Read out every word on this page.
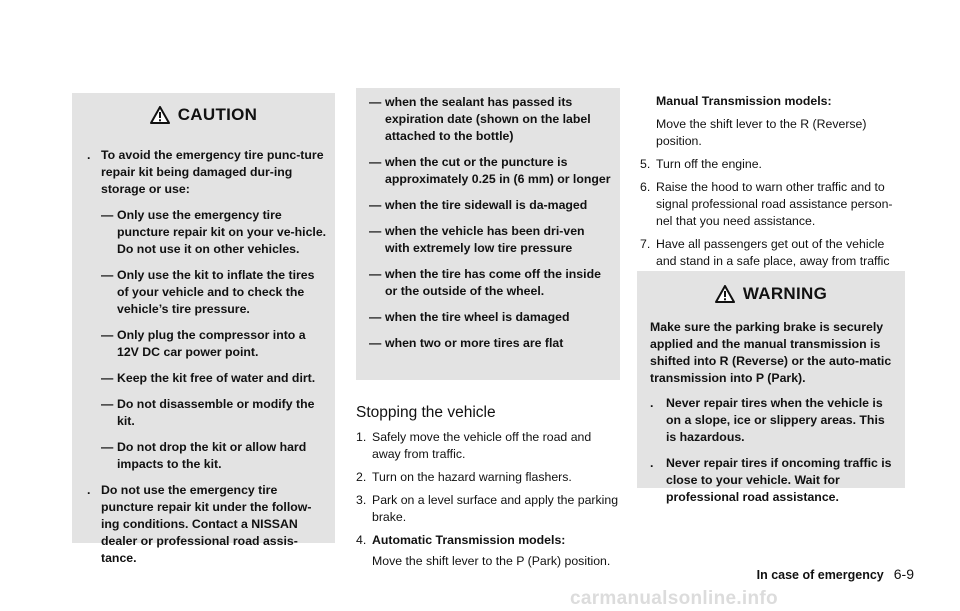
CAUTION
. To avoid the emergency tire punc-ture repair kit being damaged dur-ing storage or use:
— Only use the emergency tire puncture repair kit on your ve-hicle. Do not use it on other vehicles.
— Only use the kit to inflate the tires of your vehicle and to check the vehicle’s tire pressure.
— Only plug the compressor into a 12V DC car power point.
— Keep the kit free of water and dirt.
— Do not disassemble or modify the kit.
— Do not drop the kit or allow hard impacts to the kit.
. Do not use the emergency tire puncture repair kit under the follow-ing conditions. Contact a NISSAN dealer or professional road assis-tance.
— when the sealant has passed its expiration date (shown on the label attached to the bottle)
— when the cut or the puncture is approximately 0.25 in (6 mm) or longer
— when the tire sidewall is da-maged
— when the vehicle has been dri-ven with extremely low tire pressure
— when the tire has come off the inside or the outside of the wheel.
— when the tire wheel is damaged
— when two or more tires are flat
Stopping the vehicle
1. Safely move the vehicle off the road and away from traffic.
2. Turn on the hazard warning flashers.
3. Park on a level surface and apply the parking brake.
4. Automatic Transmission models:
Move the shift lever to the P (Park) position.
Manual Transmission models:
Move the shift lever to the R (Reverse) position.
5. Turn off the engine.
6. Raise the hood to warn other traffic and to signal professional road assistance person-nel that you need assistance.
7. Have all passengers get out of the vehicle and stand in a safe place, away from traffic
WARNING
Make sure the parking brake is securely applied and the manual transmission is shifted into R (Reverse) or the auto-matic transmission into P (Park).
. Never repair tires when the vehicle is on a slope, ice or slippery areas. This is hazardous.
. Never repair tires if oncoming traffic is close to your vehicle. Wait for professional road assistance.
In case of emergency 6-9
carmanualsonline.info
